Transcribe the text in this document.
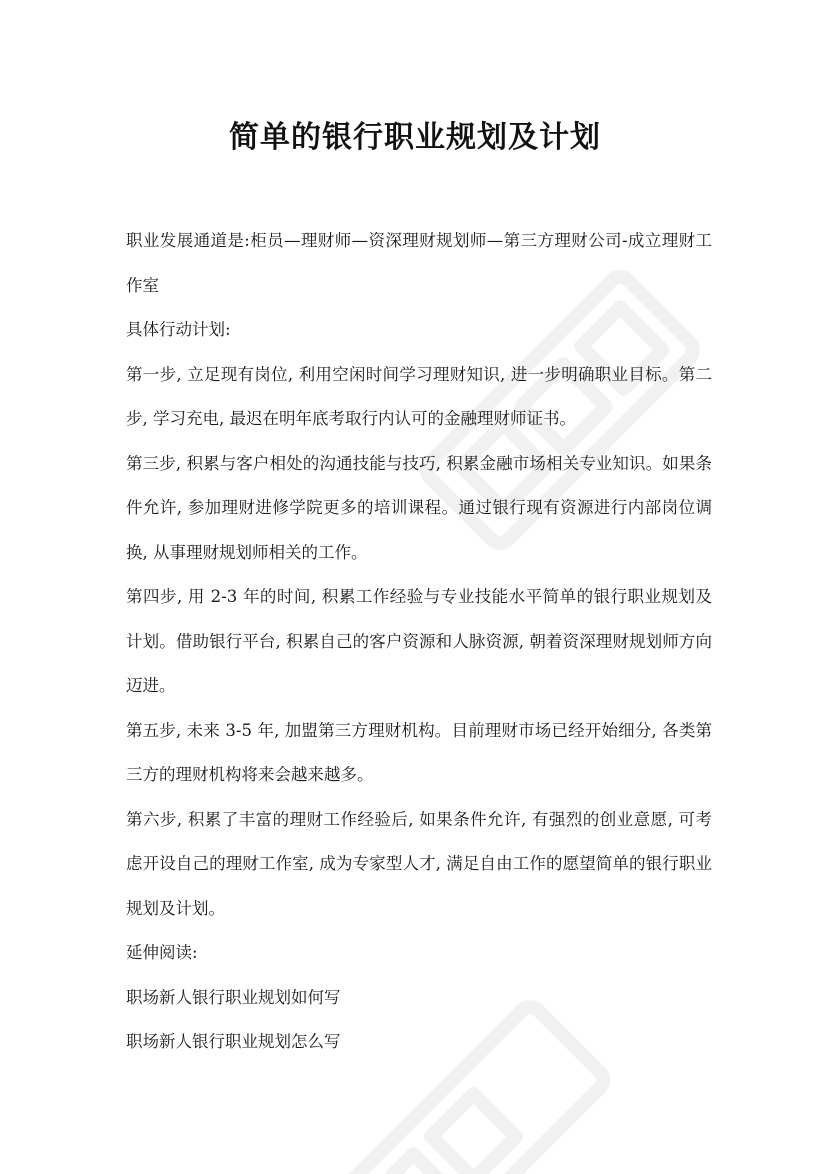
简单的银行职业规划及计划

职业发展通道是:柜员—理财师—资深理财规划师—第三方理财公司-成立理财工作室

具体行动计划:

第一步, 立足现有岗位, 利用空闲时间学习理财知识, 进一步明确职业目标。第二步, 学习充电, 最迟在明年底考取行内认可的金融理财师证书。

第三步, 积累与客户相处的沟通技能与技巧, 积累金融市场相关专业知识。如果条件允许, 参加理财进修学院更多的培训课程。通过银行现有资源进行内部岗位调换, 从事理财规划师相关的工作。

第四步, 用 2-3 年的时间, 积累工作经验与专业技能水平简单的银行职业规划及计划。借助银行平台, 积累自己的客户资源和人脉资源, 朝着资深理财规划师方向迈进。

第五步, 未来 3-5 年, 加盟第三方理财机构。目前理财市场已经开始细分, 各类第三方的理财机构将来会越来越多。

第六步, 积累了丰富的理财工作经验后, 如果条件允许, 有强烈的创业意愿, 可考虑开设自己的理财工作室, 成为专家型人才, 满足自由工作的愿望简单的银行职业规划及计划。

延伸阅读:

职场新人银行职业规划如何写

职场新人银行职业规划怎么写
